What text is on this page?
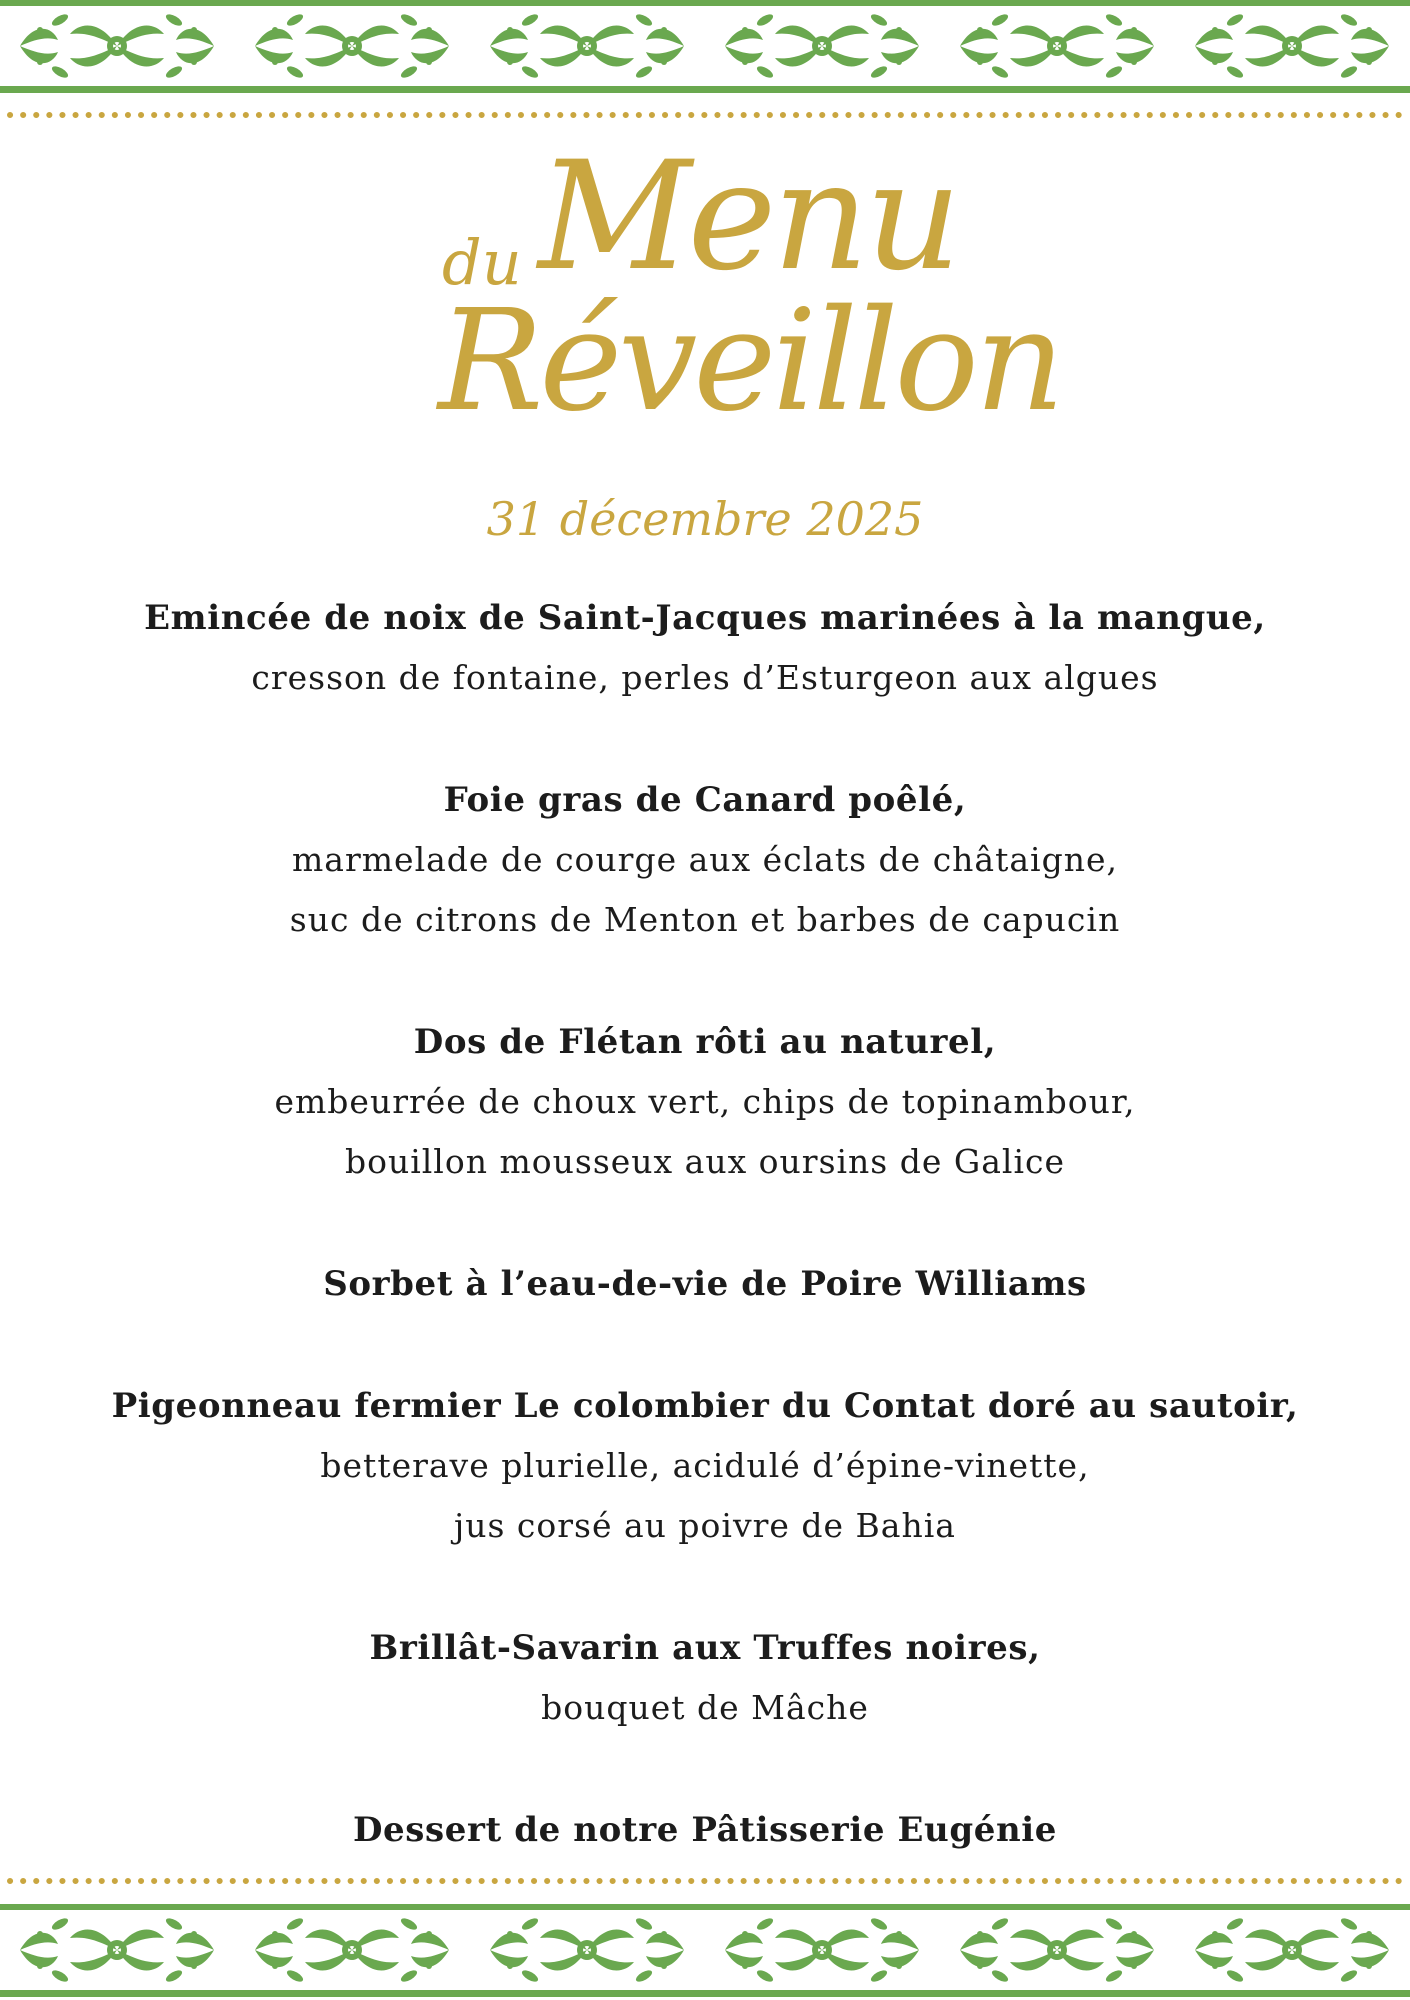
du Menu
Réveillon
31 décembre 2025
Emincée de noix de Saint-Jacques marinées à la mangue,
cresson de fontaine, perles d’Esturgeon aux algues
Foie gras de Canard poêlé,
marmelade de courge aux éclats de châtaigne,
suc de citrons de Menton et barbes de capucin
Dos de Flétan rôti au naturel,
embeurrée de choux vert, chips de topinambour,
bouillon mousseux aux oursins de Galice
Sorbet à l’eau-de-vie de Poire Williams
Pigeonneau fermier Le colombier du Contat doré au sautoir,
betterave plurielle, acidulé d’épine-vinette,
jus corsé au poivre de Bahia
Brillât-Savarin aux Truffes noires,
bouquet de Mâche
Dessert de notre Pâtisserie Eugénie
